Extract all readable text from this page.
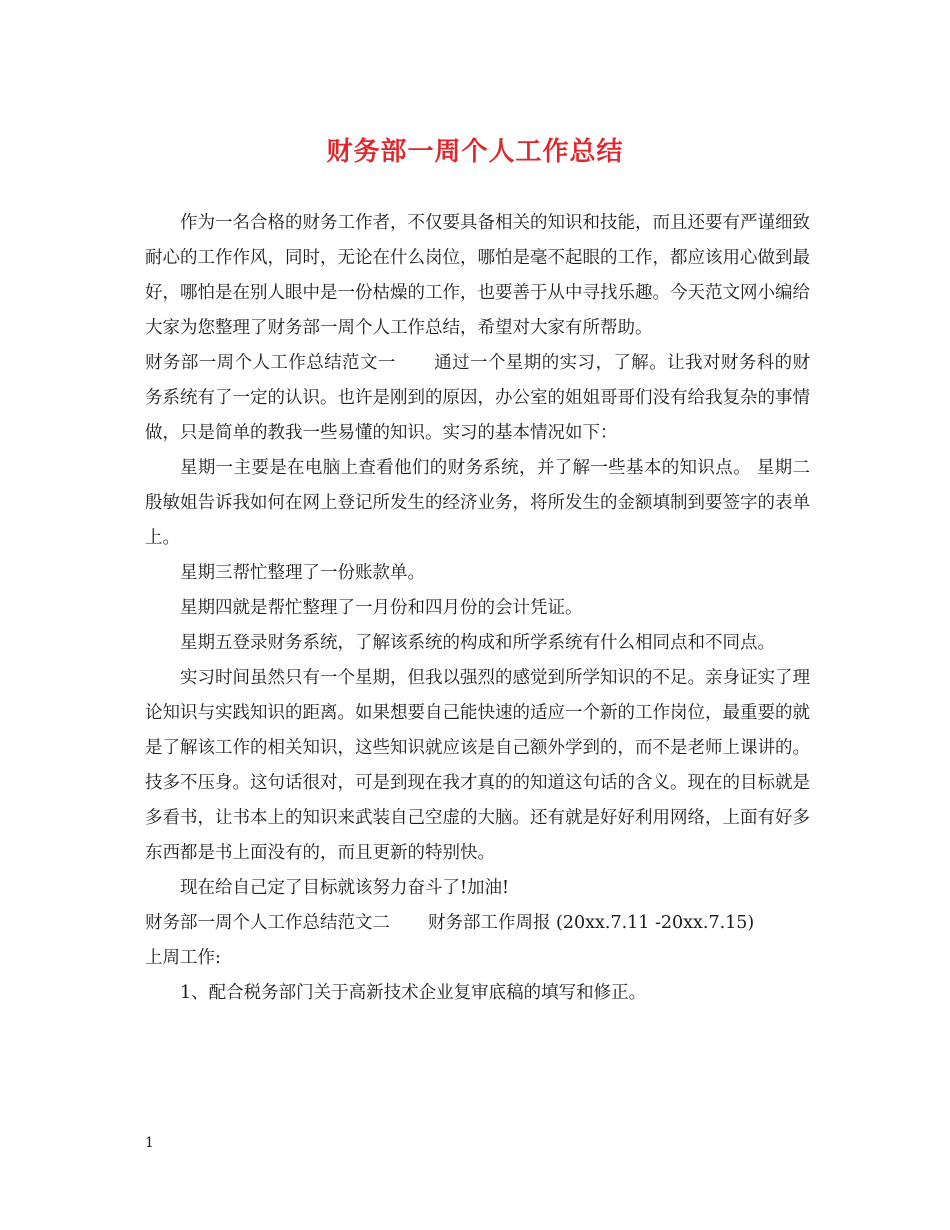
财务部一周个人工作总结

作为一名合格的财务工作者，不仅要具备相关的知识和技能，而且还要有严谨细致耐心的工作作风，同时，无论在什么岗位，哪怕是毫不起眼的工作，都应该用心做到最好，哪怕是在别人眼中是一份枯燥的工作，也要善于从中寻找乐趣。今天范文网小编给大家为您整理了财务部一周个人工作总结，希望对大家有所帮助。

财务部一周个人工作总结范文一 通过一个星期的实习，了解。让我对财务科的财务系统有了一定的认识。也许是刚到的原因，办公室的姐姐哥哥们没有给我复杂的事情做，只是简单的教我一些易懂的知识。实习的基本情况如下：

星期一主要是在电脑上查看他们的财务系统，并了解一些基本的知识点。 星期二殷敏姐告诉我如何在网上登记所发生的经济业务，将所发生的金额填制到要签字的表单上。

星期三帮忙整理了一份账款单。

星期四就是帮忙整理了一月份和四月份的会计凭证。

星期五登录财务系统，了解该系统的构成和所学系统有什么相同点和不同点。

实习时间虽然只有一个星期，但我以强烈的感觉到所学知识的不足。亲身证实了理论知识与实践知识的距离。如果想要自己能快速的适应一个新的工作岗位，最重要的就是了解该工作的相关知识，这些知识就应该是自己额外学到的，而不是老师上课讲的。技多不压身。这句话很对，可是到现在我才真的的知道这句话的含义。现在的目标就是多看书，让书本上的知识来武装自己空虚的大脑。还有就是好好利用网络，上面有好多东西都是书上面没有的，而且更新的特别快。

现在给自己定了目标就该努力奋斗了!加油!

财务部一周个人工作总结范文二 财务部工作周报 (20xx.7.11 -20xx.7.15)

上周工作:

1、配合税务部门关于高新技术企业复审底稿的填写和修正。

1
